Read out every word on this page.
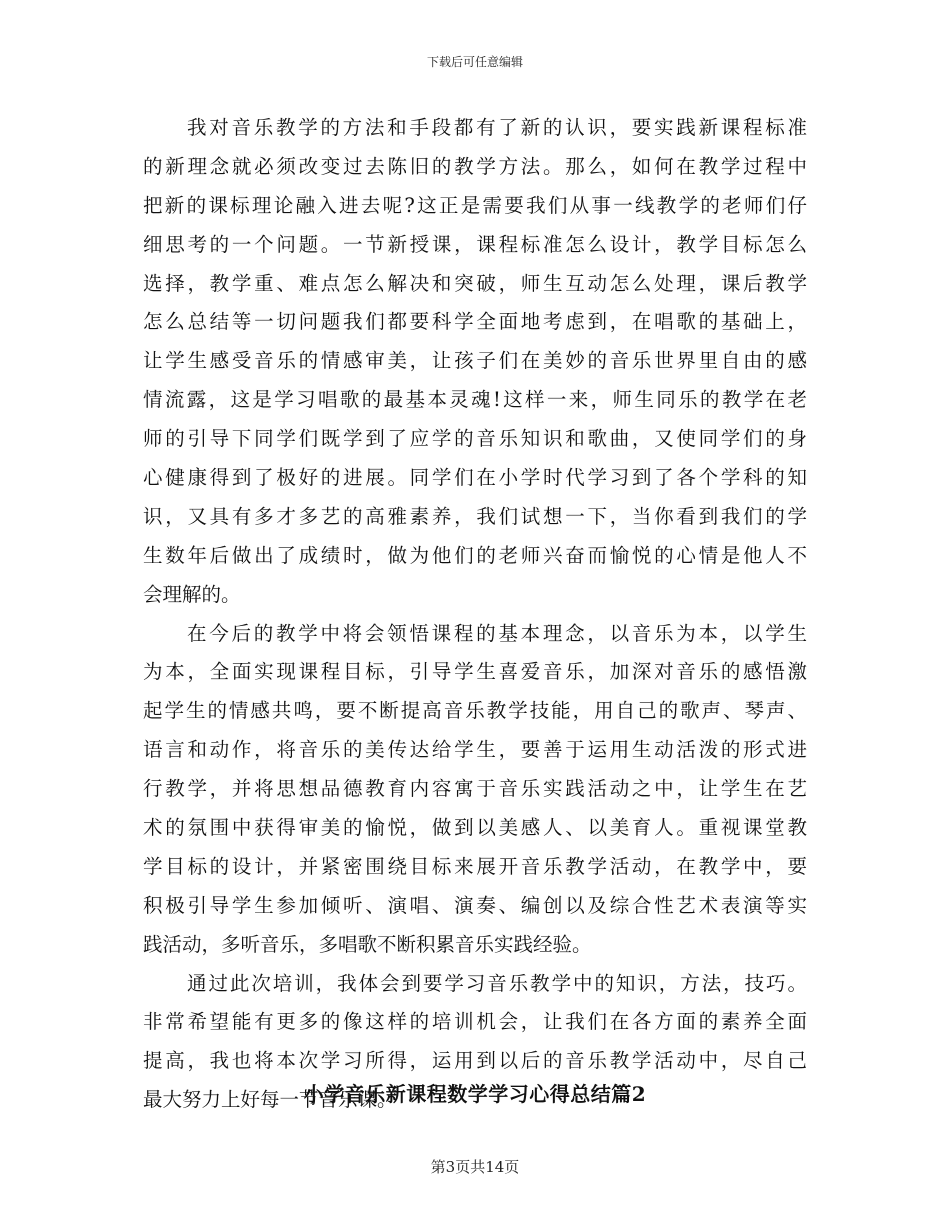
下载后可任意编辑
我对音乐教学的方法和手段都有了新的认识，要实践新课程标准
的新理念就必须改变过去陈旧的教学方法。那么，如何在教学过程中
把新的课标理论融入进去呢?这正是需要我们从事一线教学的老师们仔
细思考的一个问题。一节新授课，课程标准怎么设计，教学目标怎么
选择，教学重、难点怎么解决和突破，师生互动怎么处理，课后教学
怎么总结等一切问题我们都要科学全面地考虑到，在唱歌的基础上，
让学生感受音乐的情感审美，让孩子们在美妙的音乐世界里自由的感
情流露，这是学习唱歌的最基本灵魂!这样一来，师生同乐的教学在老
师的引导下同学们既学到了应学的音乐知识和歌曲，又使同学们的身
心健康得到了极好的进展。同学们在小学时代学习到了各个学科的知
识，又具有多才多艺的高雅素养，我们试想一下，当你看到我们的学
生数年后做出了成绩时，做为他们的老师兴奋而愉悦的心情是他人不
会理解的。
在今后的教学中将会领悟课程的基本理念，以音乐为本，以学生
为本，全面实现课程目标，引导学生喜爱音乐，加深对音乐的感悟激
起学生的情感共鸣，要不断提高音乐教学技能，用自己的歌声、琴声、
语言和动作，将音乐的美传达给学生，要善于运用生动活泼的形式进
行教学，并将思想品德教育内容寓于音乐实践活动之中，让学生在艺
术的氛围中获得审美的愉悦，做到以美感人、以美育人。重视课堂教
学目标的设计，并紧密围绕目标来展开音乐教学活动，在教学中，要
积极引导学生参加倾听、演唱、演奏、编创以及综合性艺术表演等实
践活动，多听音乐，多唱歌不断积累音乐实践经验。
通过此次培训，我体会到要学习音乐教学中的知识，方法，技巧。
非常希望能有更多的像这样的培训机会，让我们在各方面的素养全面
提高，我也将本次学习所得，运用到以后的音乐教学活动中，尽自己
最大努力上好每一节音乐课。
小学音乐新课程数学学习心得总结篇2
第3页共14页
